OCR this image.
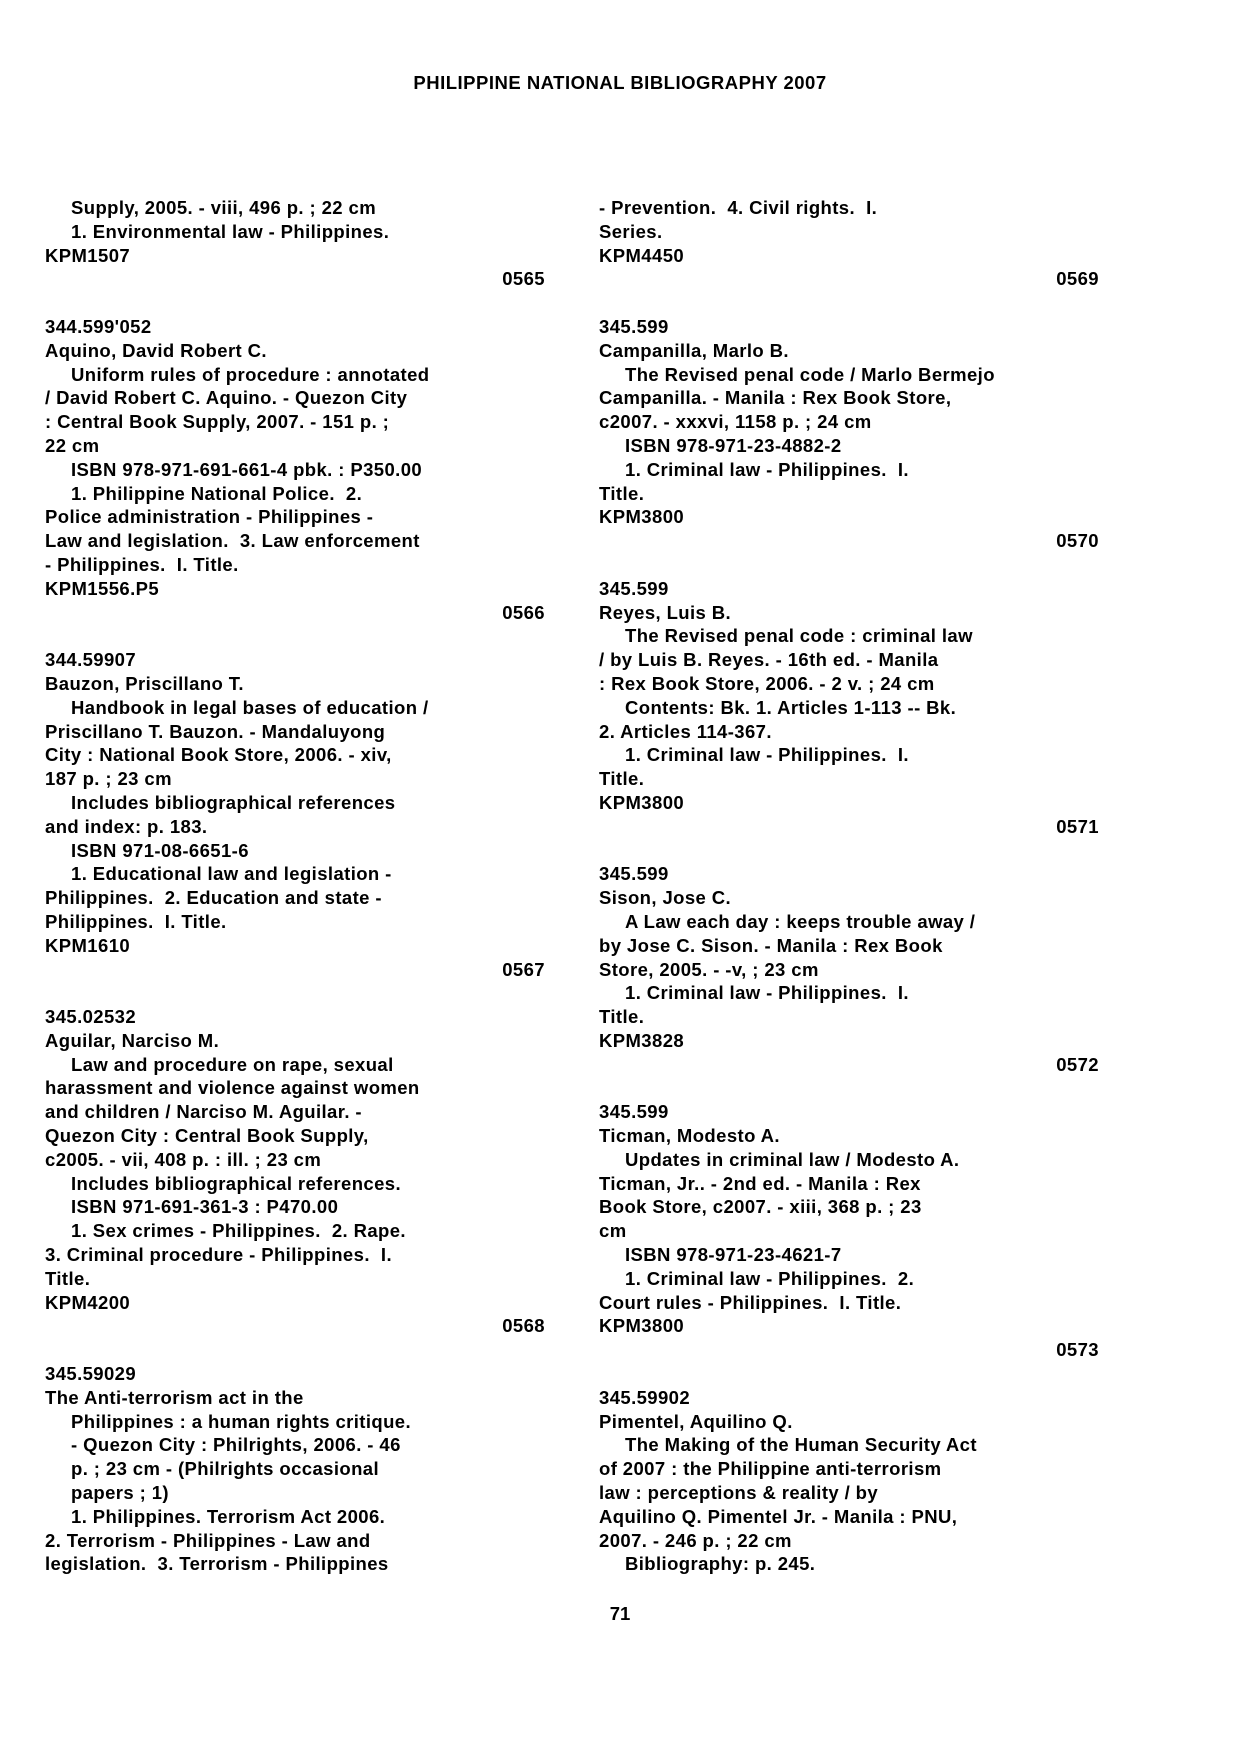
PHILIPPINE NATIONAL BIBLIOGRAPHY 2007
Supply, 2005. - viii, 496 p. ; 22 cm
1. Environmental law - Philippines.
KPM1507
0565
344.599'052
Aquino, David Robert C.
Uniform rules of procedure : annotated
/ David Robert C. Aquino. - Quezon City
: Central Book Supply, 2007. - 151 p. ;
22 cm
ISBN 978-971-691-661-4 pbk. : P350.00
1. Philippine National Police.  2.
Police administration - Philippines -
Law and legislation.  3. Law enforcement
- Philippines.  I. Title.
KPM1556.P5
0566
344.59907
Bauzon, Priscillano T.
Handbook in legal bases of education /
Priscillano T. Bauzon. - Mandaluyong
City : National Book Store, 2006. - xiv,
187 p. ; 23 cm
Includes bibliographical references
and index: p. 183.
ISBN 971-08-6651-6
1. Educational law and legislation -
Philippines.  2. Education and state -
Philippines.  I. Title.
KPM1610
0567
345.02532
Aguilar, Narciso M.
Law and procedure on rape, sexual
harassment and violence against women
and children / Narciso M. Aguilar. -
Quezon City : Central Book Supply,
c2005. - vii, 408 p. : ill. ; 23 cm
Includes bibliographical references.
ISBN 971-691-361-3 : P470.00
1. Sex crimes - Philippines.  2. Rape.
3. Criminal procedure - Philippines.  I.
Title.
KPM4200
0568
345.59029
The Anti-terrorism act in the
Philippines : a human rights critique.
- Quezon City : Philrights, 2006. - 46
p. ; 23 cm - (Philrights occasional
papers ; 1)
1. Philippines. Terrorism Act 2006.
2. Terrorism - Philippines - Law and
legislation.  3. Terrorism - Philippines
- Prevention.  4. Civil rights.  I.
Series.
KPM4450
0569
345.599
Campanilla, Marlo B.
The Revised penal code / Marlo Bermejo
Campanilla. - Manila : Rex Book Store,
c2007. - xxxvi, 1158 p. ; 24 cm
ISBN 978-971-23-4882-2
1. Criminal law - Philippines.  I.
Title.
KPM3800
0570
345.599
Reyes, Luis B.
The Revised penal code : criminal law
/ by Luis B. Reyes. - 16th ed. - Manila
: Rex Book Store, 2006. - 2 v. ; 24 cm
Contents: Bk. 1. Articles 1-113 -- Bk.
2. Articles 114-367.
1. Criminal law - Philippines.  I.
Title.
KPM3800
0571
345.599
Sison, Jose C.
A Law each day : keeps trouble away /
by Jose C. Sison. - Manila : Rex Book
Store, 2005. - -v, ; 23 cm
1. Criminal law - Philippines.  I.
Title.
KPM3828
0572
345.599
Ticman, Modesto A.
Updates in criminal law / Modesto A.
Ticman, Jr.. - 2nd ed. - Manila : Rex
Book Store, c2007. - xiii, 368 p. ; 23
cm
ISBN 978-971-23-4621-7
1. Criminal law - Philippines.  2.
Court rules - Philippines.  I. Title.
KPM3800
0573
345.59902
Pimentel, Aquilino Q.
The Making of the Human Security Act
of 2007 : the Philippine anti-terrorism
law : perceptions & reality / by
Aquilino Q. Pimentel Jr. - Manila : PNU,
2007. - 246 p. ; 22 cm
Bibliography: p. 245.
71
